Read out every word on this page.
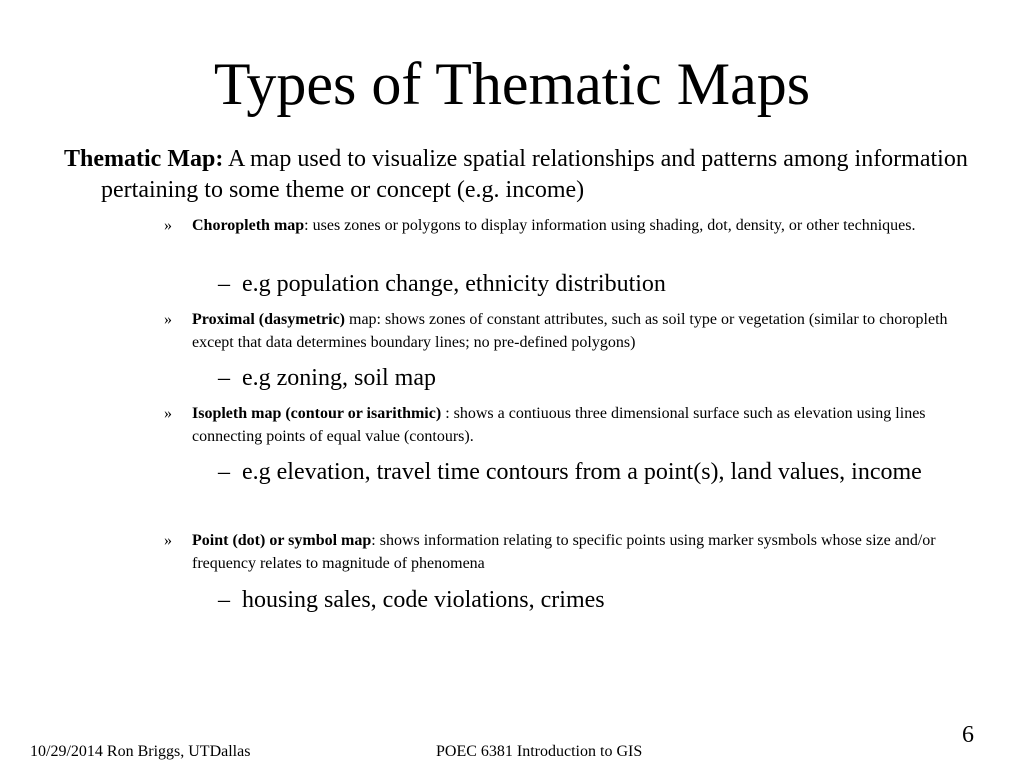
Types of Thematic Maps
Thematic Map: A map used to visualize spatial relationships and patterns among information pertaining to some theme or concept (e.g. income)
» Choropleth map: uses zones or polygons to display information using shading, dot, density, or other techniques.
– e.g population change, ethnicity distribution
» Proximal (dasymetric) map: shows zones of constant attributes, such as soil type or vegetation (similar to choropleth except that data determines boundary lines; no pre-defined polygons)
– e.g zoning, soil map
» Isopleth map (contour or isarithmic) : shows a contiuous three dimensional surface such as elevation using lines connecting points of equal value (contours).
– e.g elevation, travel time contours from a point(s), land values, income
» Point (dot) or symbol map: shows information relating to specific points using marker sysmbols whose size and/or frequency relates to magnitude of phenomena
– housing sales, code violations, crimes
10/29/2014 Ron Briggs, UTDallas	POEC 6381 Introduction to GIS
6
